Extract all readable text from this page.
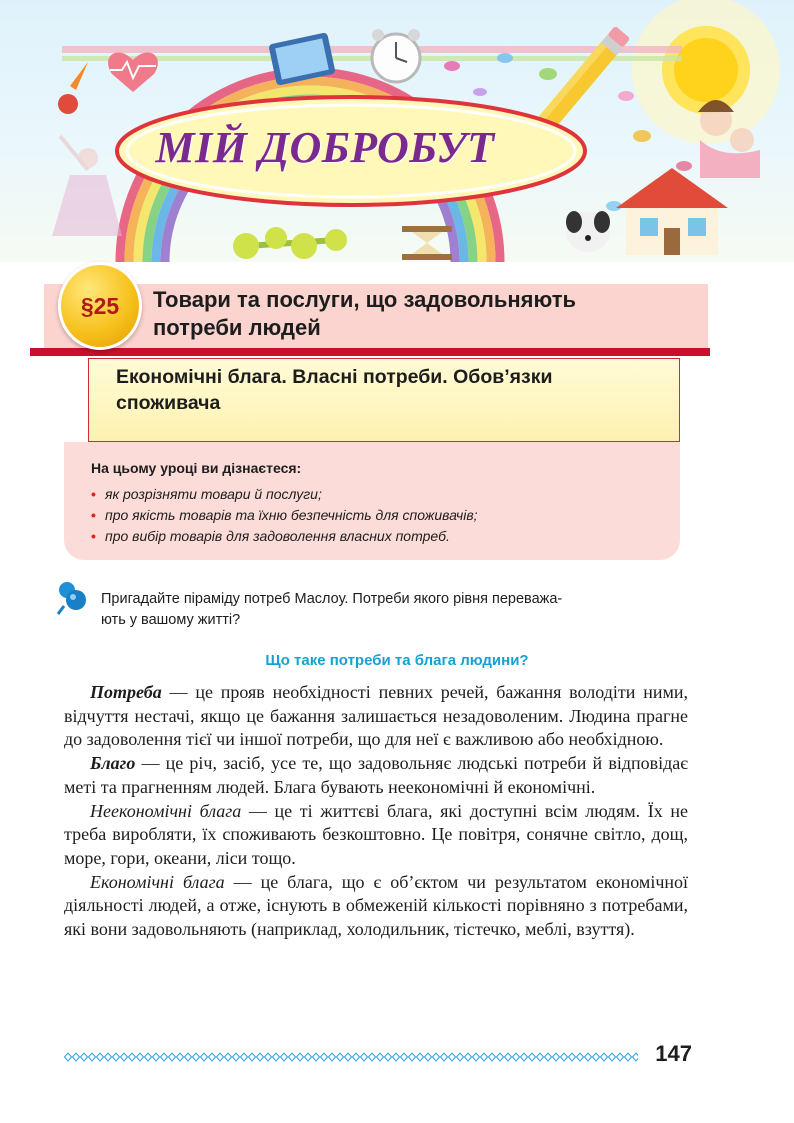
МІЙ ДОБРОБУТ
§25	Товари та послуги, що задовольняють
потреби людей
Економічні блага. Власні потреби. Обов’язки
споживача
На цьому уроці ви дізнаєтеся:
• як розрізняти товари й послуги;
• про якість товарів та їхню безпечність для споживачів;
• про вибір товарів для задоволення власних потреб.
Пригадайте піраміду потреб Маслоу. Потреби якого рівня переважа-
ють у вашому житті?
Що таке потреби та блага людини?

Потреба — це прояв необхідності певних речей, бажання володіти ними, відчуття нестачі, якщо це бажання залишається незадоволеним. Людина прагне до задоволення тієї чи іншої потреби, що для неї є важливою або необхідною.

Благо — це річ, засіб, усе те, що задовольняє людські потреби й відповідає меті та прагненням людей. Блага бувають неекономічні й економічні.

Неекономічні блага — це ті життєві блага, які доступні всім людям. Їх не треба виробляти, їх споживають безкоштовно. Це повітря, сонячне світло, дощ, море, гори, океани, ліси тощо.

Економічні блага — це блага, що є об’єктом чи результатом економічної діяльності людей, а отже, існують в обмеженій кількості порівняно з потребами, які вони задовольняють (наприклад, холодильник, тістечко, меблі, взуття).

147
